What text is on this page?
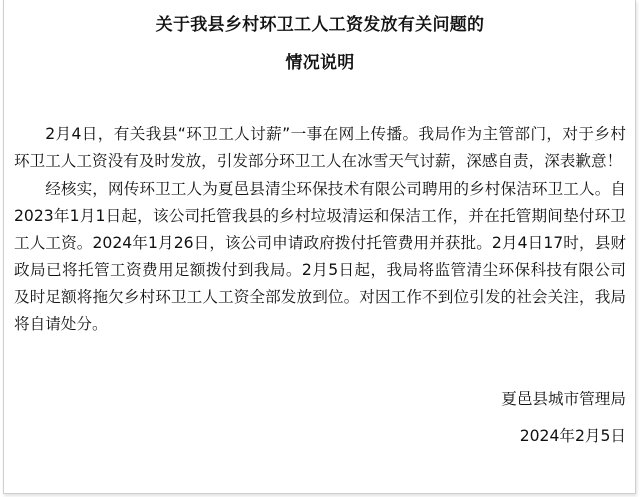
关于我县乡村环卫工人工资发放有关问题的
情况说明

2月4日，有关我县“环卫工人讨薪”一事在网上传播。我局作为主管部门，对于乡村环卫工人工资没有及时发放，引发部分环卫工人在冰雪天气讨薪，深感自责，深表歉意！

经核实，网传环卫工人为夏邑县清尘环保技术有限公司聘用的乡村保洁环卫工人。自2023年1月1日起，该公司托管我县的乡村垃圾清运和保洁工作，并在托管期间垫付环卫工人工资。2024年1月26日，该公司申请政府拨付托管费用并获批。2月4日17时，县财政局已将托管工资费用足额拨付到我局。2月5日起，我局将监管清尘环保科技有限公司及时足额将拖欠乡村环卫工人工资全部发放到位。对因工作不到位引发的社会关注，我局将自请处分。

夏邑县城市管理局
2024年2月5日
